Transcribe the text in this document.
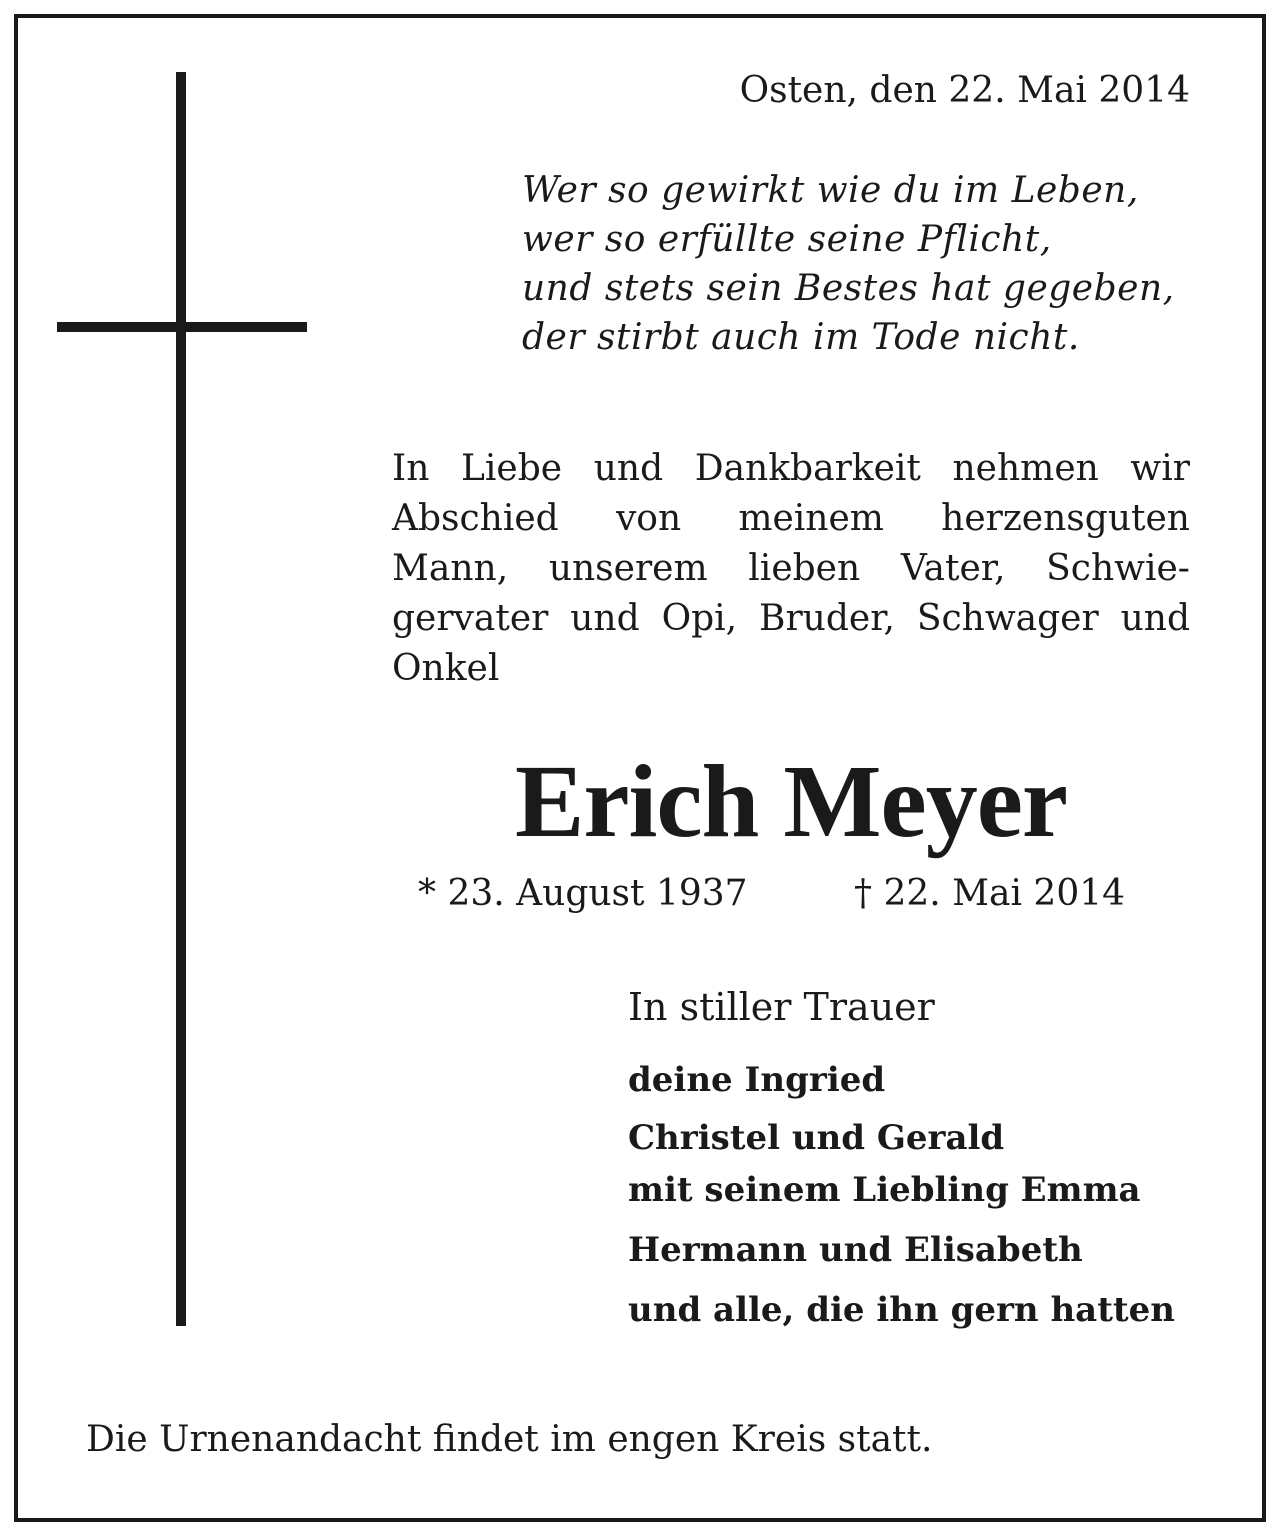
Osten, den 22. Mai 2014
Wer so gewirkt wie du im Leben,
wer so erfüllte seine Pflicht,
und stets sein Bestes hat gegeben,
der stirbt auch im Tode nicht.
In Liebe und Dankbarkeit nehmen wir
Abschied von meinem herzensguten
Mann, unserem lieben Vater, Schwie-
gervater und Opi, Bruder, Schwager und
Onkel
Erich Meyer
* 23. August 1937	† 22. Mai 2014
In stiller Trauer
deine Ingried
Christel und Gerald
mit seinem Liebling Emma
Hermann und Elisabeth
und alle, die ihn gern hatten
Die Urnenandacht findet im engen Kreis statt.
